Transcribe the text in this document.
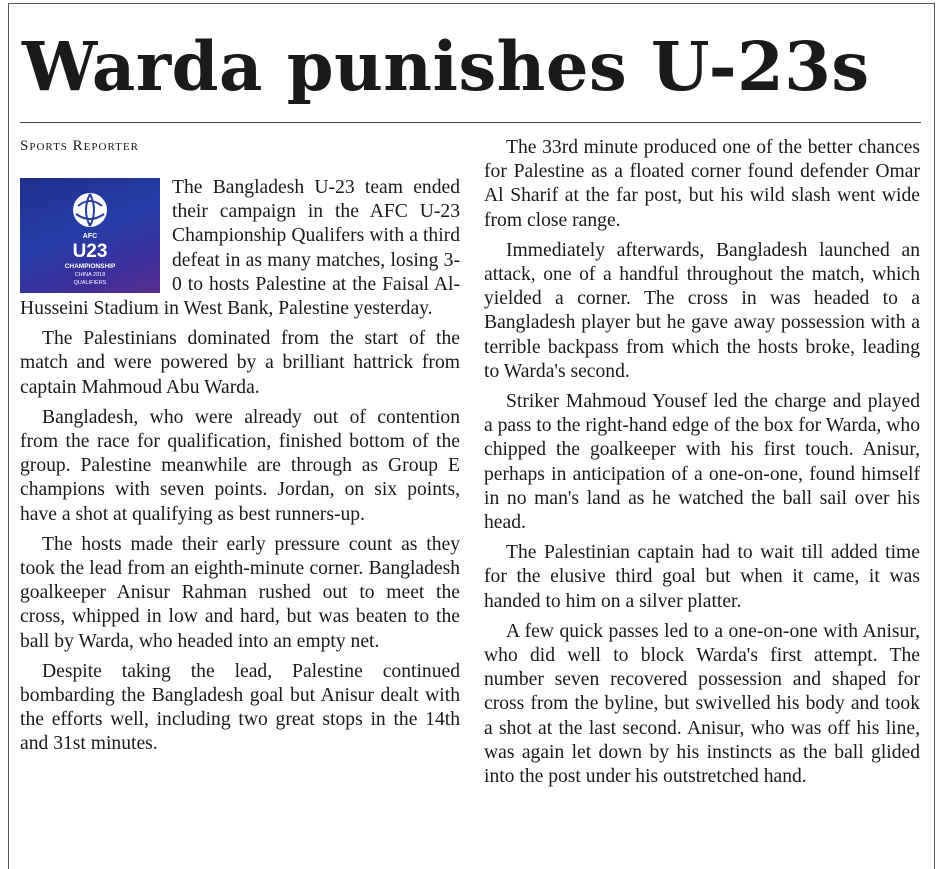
Warda punishes U-23s
Sports Reporter
AFC
U23
CHAMPIONSHIP
CHINA 2018
QUALIFIERS

The Bangladesh U-23 team ended their campaign in the AFC U-23 Championship Qualifers with a third defeat in as many matches, losing 3-0 to hosts Palestine at the Faisal Al-Husseini Stadium in West Bank, Palestine yesterday.

The Palestinians dominated from the start of the match and were powered by a brilliant hattrick from captain Mahmoud Abu Warda.

Bangladesh, who were already out of contention from the race for qualification, finished bottom of the group. Palestine meanwhile are through as Group E champions with seven points. Jordan, on six points, have a shot at qualifying as best runners-up.

The hosts made their early pressure count as they took the lead from an eighth-minute corner. Bangladesh goalkeeper Anisur Rahman rushed out to meet the cross, whipped in low and hard, but was beaten to the ball by Warda, who headed into an empty net.

Despite taking the lead, Palestine continued bombarding the Bangladesh goal but Anisur dealt with the efforts well, including two great stops in the 14th and 31st minutes.

The 33rd minute produced one of the better chances for Palestine as a floated corner found defender Omar Al Sharif at the far post, but his wild slash went wide from close range.

Immediately afterwards, Bangladesh launched an attack, one of a handful throughout the match, which yielded a corner. The cross in was headed to a Bangladesh player but he gave away possession with a terrible backpass from which the hosts broke, leading to Warda's second.

Striker Mahmoud Yousef led the charge and played a pass to the right-hand edge of the box for Warda, who chipped the goalkeeper with his first touch. Anisur, perhaps in anticipation of a one-on-one, found himself in no man's land as he watched the ball sail over his head.

The Palestinian captain had to wait till added time for the elusive third goal but when it came, it was handed to him on a silver platter.

A few quick passes led to a one-on-one with Anisur, who did well to block Warda's first attempt. The number seven recovered possession and shaped for cross from the byline, but swivelled his body and took a shot at the last second. Anisur, who was off his line, was again let down by his instincts as the ball glided into the post under his outstretched hand.
